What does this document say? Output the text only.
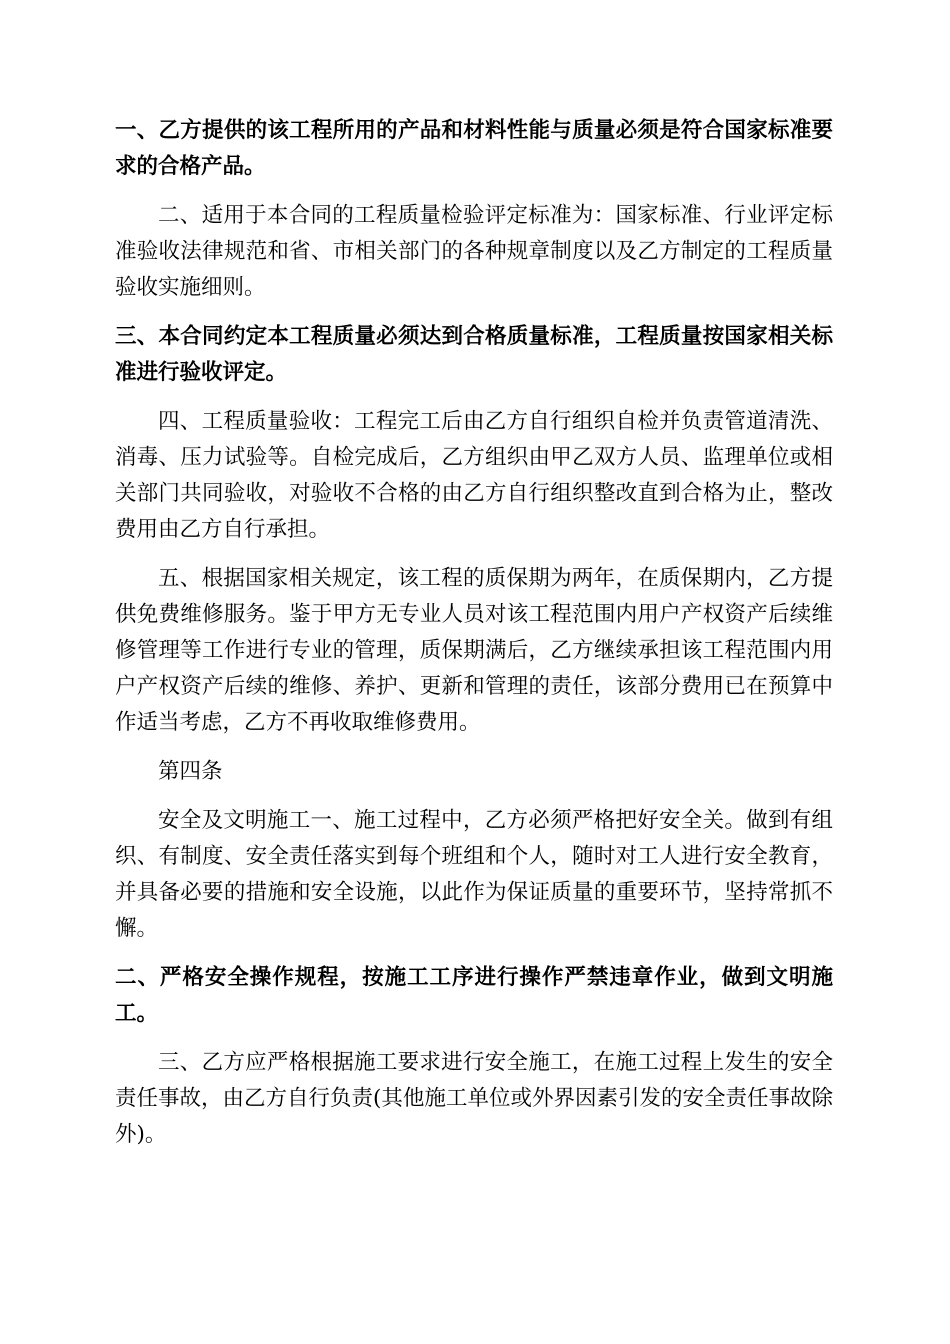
一、乙方提供的该工程所用的产品和材料性能与质量必须是符合国家标准要求的合格产品。

二、适用于本合同的工程质量检验评定标准为：国家标准、行业评定标准验收法律规范和省、市相关部门的各种规章制度以及乙方制定的工程质量验收实施细则。

三、本合同约定本工程质量必须达到合格质量标准，工程质量按国家相关标准进行验收评定。

四、工程质量验收：工程完工后由乙方自行组织自检并负责管道清洗、消毒、压力试验等。自检完成后，乙方组织由甲乙双方人员、监理单位或相关部门共同验收，对验收不合格的由乙方自行组织整改直到合格为止，整改费用由乙方自行承担。

五、根据国家相关规定，该工程的质保期为两年，在质保期内，乙方提供免费维修服务。鉴于甲方无专业人员对该工程范围内用户产权资产后续维修管理等工作进行专业的管理，质保期满后，乙方继续承担该工程范围内用户产权资产后续的维修、养护、更新和管理的责任，该部分费用已在预算中作适当考虑，乙方不再收取维修费用。

第四条

安全及文明施工一、施工过程中，乙方必须严格把好安全关。做到有组织、有制度、安全责任落实到每个班组和个人，随时对工人进行安全教育，并具备必要的措施和安全设施，以此作为保证质量的重要环节，坚持常抓不懈。

二、严格安全操作规程，按施工工序进行操作严禁违章作业，做到文明施工。

三、乙方应严格根据施工要求进行安全施工，在施工过程上发生的安全责任事故，由乙方自行负责(其他施工单位或外界因素引发的安全责任事故除外)。
